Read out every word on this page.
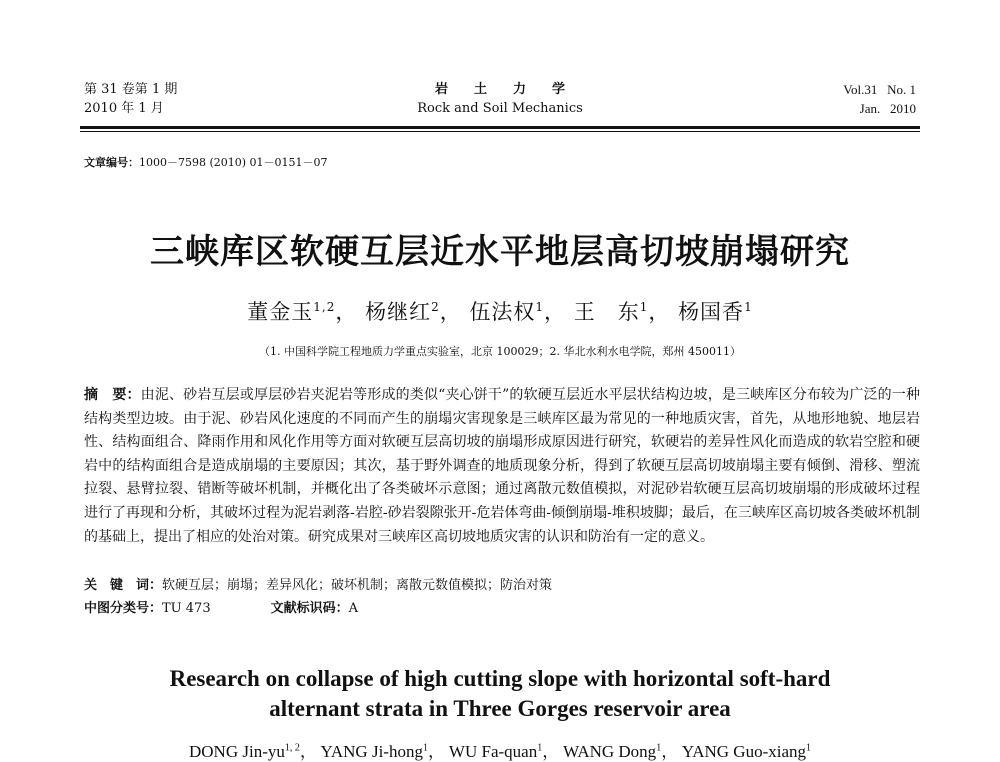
第 31 卷第 1 期
2010 年 1 月
岩土力学
Rock and Soil Mechanics
Vol.31   No. 1
Jan.   2010
文章编号：1000－7598 (2010) 01－0151－07
三峡库区软硬互层近水平地层高切坡崩塌研究
董金玉$^{1,2}$， 杨继红$^2$， 伍法权$^1$， 王　东$^1$， 杨国香$^1$
（1. 中国科学院工程地质力学重点实验室，北京 100029；2. 华北水利水电学院，郑州 450011）
摘　要：由泥、砂岩互层或厚层砂岩夹泥岩等形成的类似“夹心饼干”的软硬互层近水平层状结构边坡，是三峡库区分布较为广泛的一种结构类型边坡。由于泥、砂岩风化速度的不同而产生的崩塌灾害现象是三峡库区最为常见的一种地质灾害，首先，从地形地貌、地层岩性、结构面组合、降雨作用和风化作用等方面对软硬互层高切坡的崩塌形成原因进行研究，软硬岩的差异性风化而造成的软岩空腔和硬岩中的结构面组合是造成崩塌的主要原因；其次，基于野外调查的地质现象分析，得到了软硬互层高切坡崩塌主要有倾倒、滑移、塑流拉裂、悬臂拉裂、错断等破坏机制，并概化出了各类破坏示意图；通过离散元数值模拟，对泥砂岩软硬互层高切坡崩塌的形成破坏过程进行了再现和分析，其破坏过程为泥岩剥落-岩腔-砂岩裂隙张开-危岩体弯曲-倾倒崩塌-堆积坡脚；最后，在三峡库区高切坡各类破坏机制的基础上，提出了相应的处治对策。研究成果对三峡库区高切坡地质灾害的认识和防治有一定的意义。
关　键　词：软硬互层；崩塌；差异风化；破坏机制；离散元数值模拟；防治对策
中图分类号：TU 473	文献标识码：A
Research on collapse of high cutting slope with horizontal soft-hard
alternant strata in Three Gorges reservoir area
DONG Jin-yu$^{1, 2}$， YANG Ji-hong$^1$， WU Fa-quan$^1$， WANG Dong$^1$， YANG Guo-xiang$^1$
